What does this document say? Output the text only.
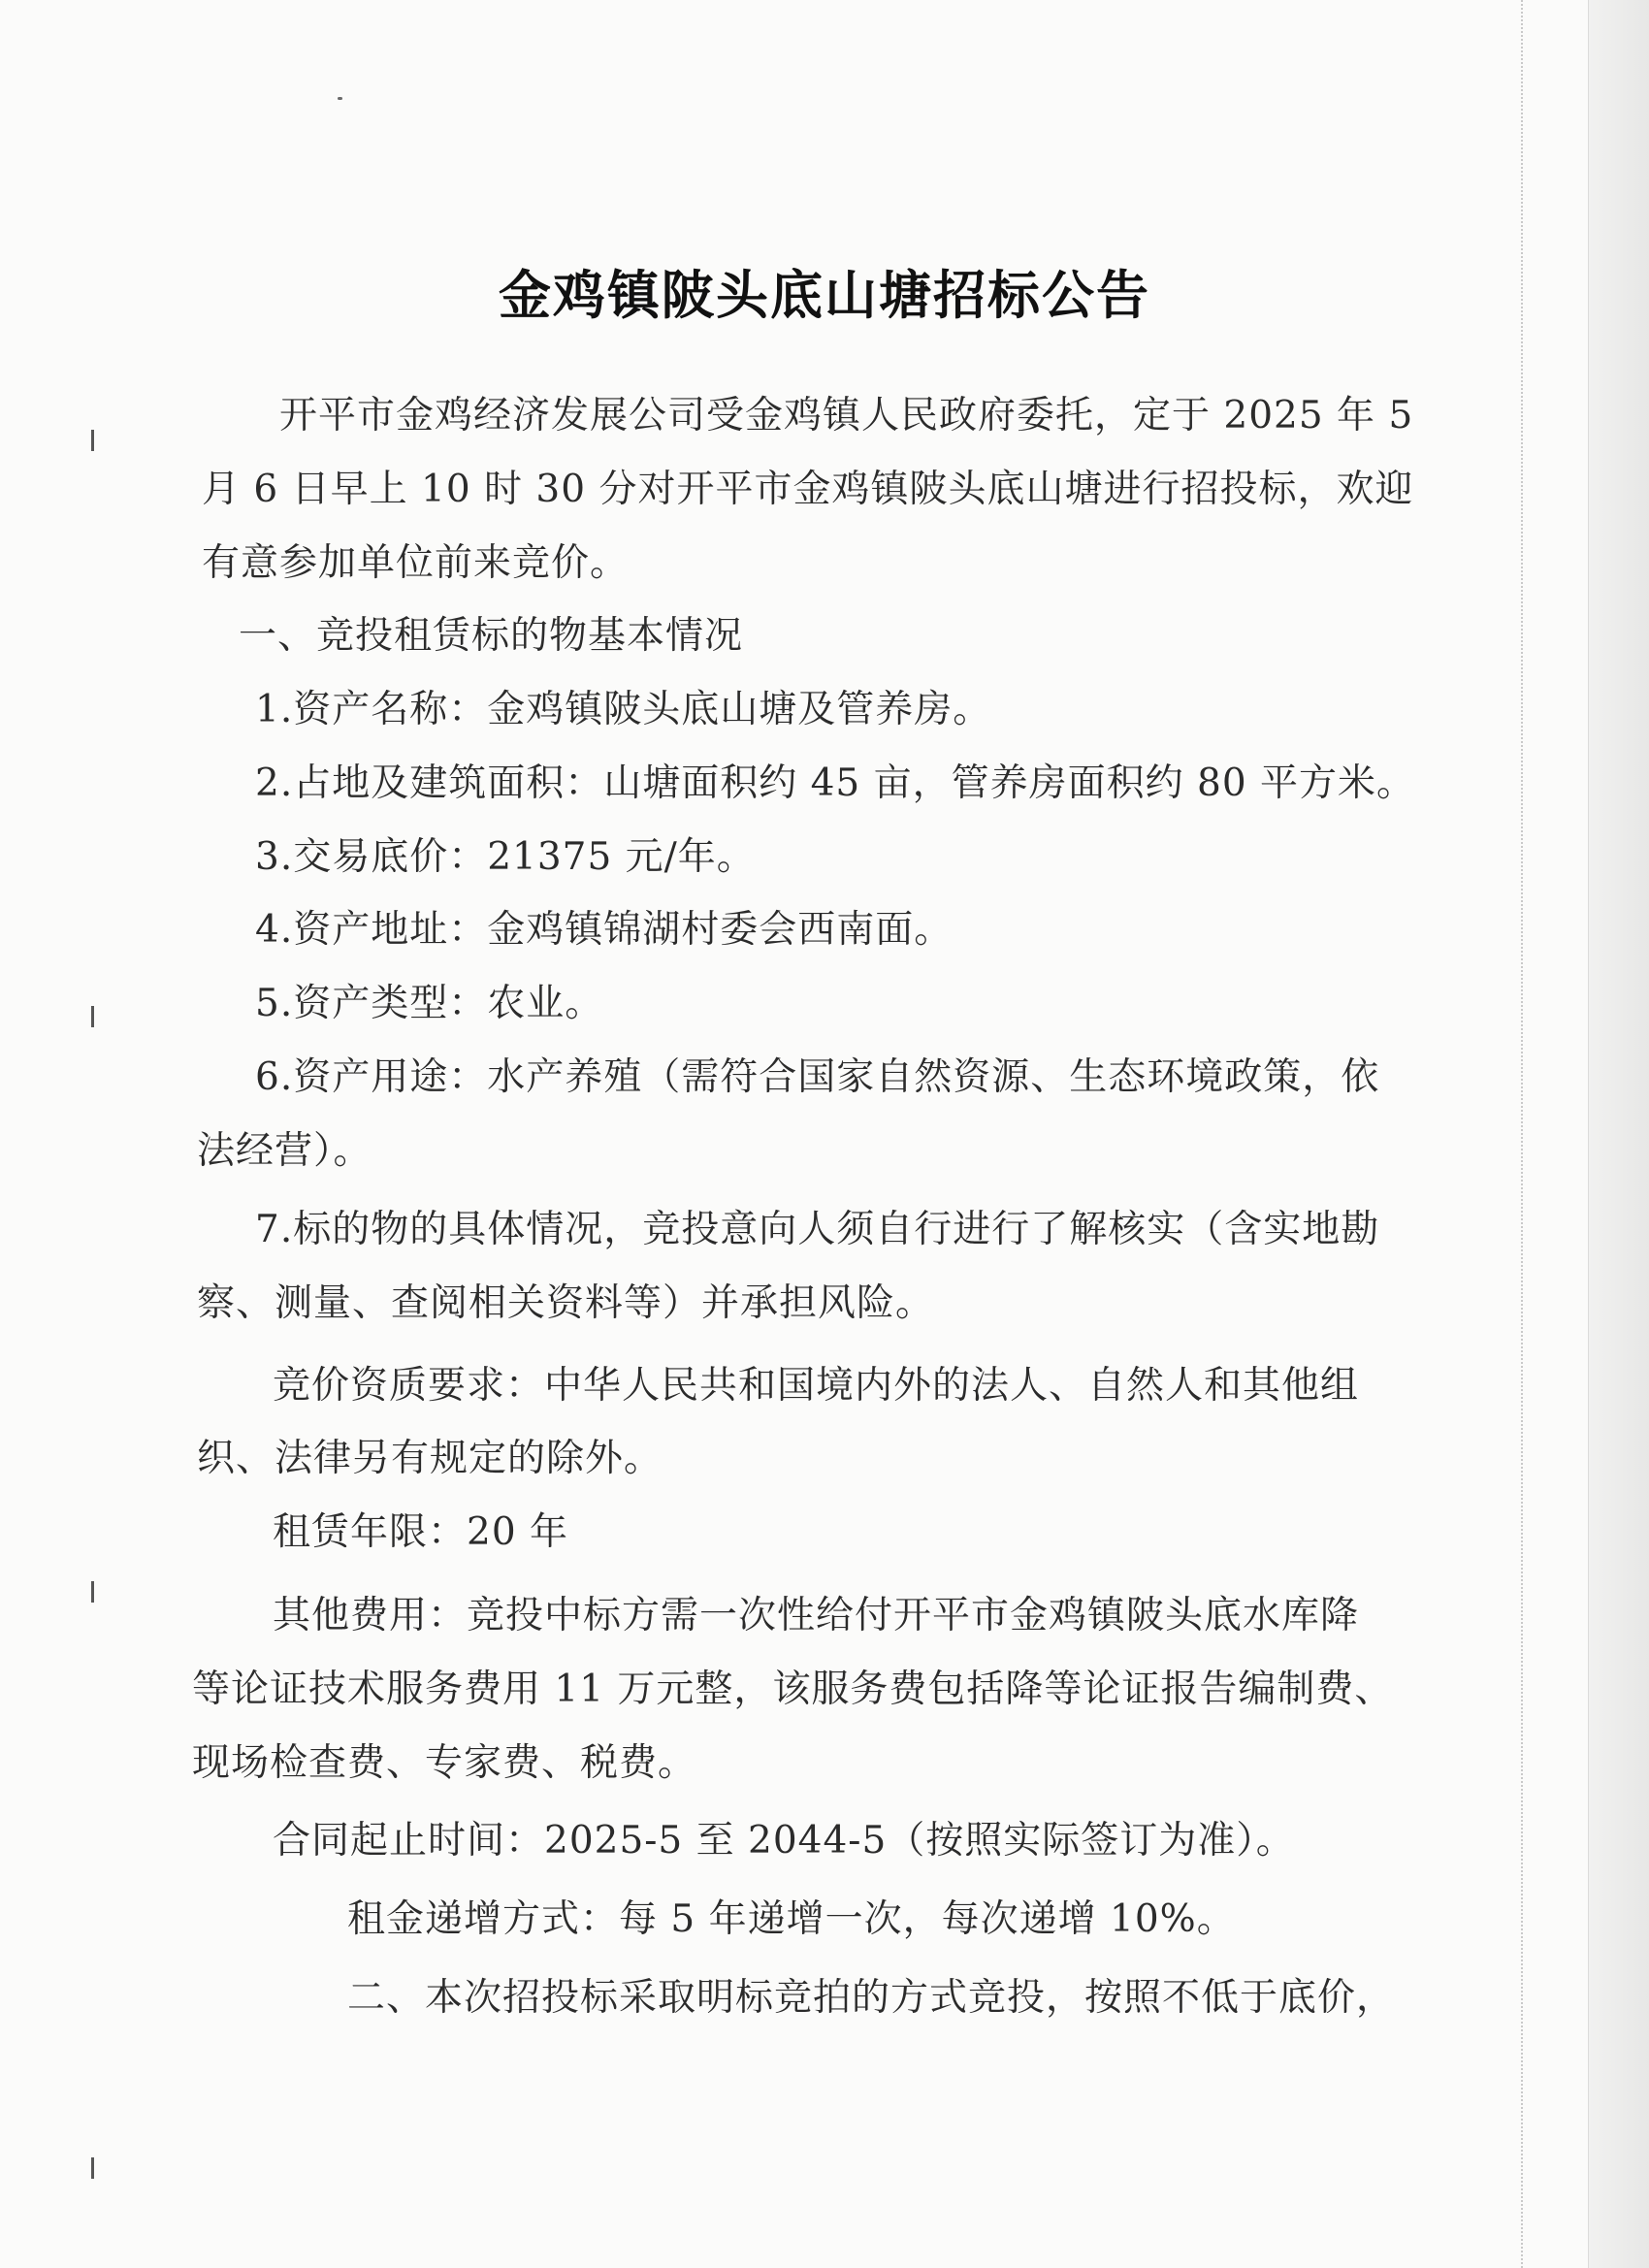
金鸡镇陂头底山塘招标公告
开平市金鸡经济发展公司受金鸡镇人民政府委托，定于 2025 年 5
月 6 日早上 10 时 30 分对开平市金鸡镇陂头底山塘进行招投标，欢迎
有意参加单位前来竞价。
一、竞投租赁标的物基本情况
1.资产名称：金鸡镇陂头底山塘及管养房。
2.占地及建筑面积：山塘面积约 45 亩，管养房面积约 80 平方米。
3.交易底价：21375 元/年。
4.资产地址：金鸡镇锦湖村委会西南面。
5.资产类型：农业。
6.资产用途：水产养殖（需符合国家自然资源、生态环境政策，依
法经营）。
7.标的物的具体情况，竞投意向人须自行进行了解核实（含实地勘
察、测量、查阅相关资料等）并承担风险。
竞价资质要求：中华人民共和国境内外的法人、自然人和其他组
织、法律另有规定的除外。
租赁年限：20 年
其他费用：竞投中标方需一次性给付开平市金鸡镇陂头底水库降
等论证技术服务费用 11 万元整，该服务费包括降等论证报告编制费、
现场检查费、专家费、税费。
合同起止时间：2025-5 至 2044-5（按照实际签订为准）。
租金递增方式：每 5 年递增一次，每次递增 10%。
二、本次招投标采取明标竞拍的方式竞投，按照不低于底价，
